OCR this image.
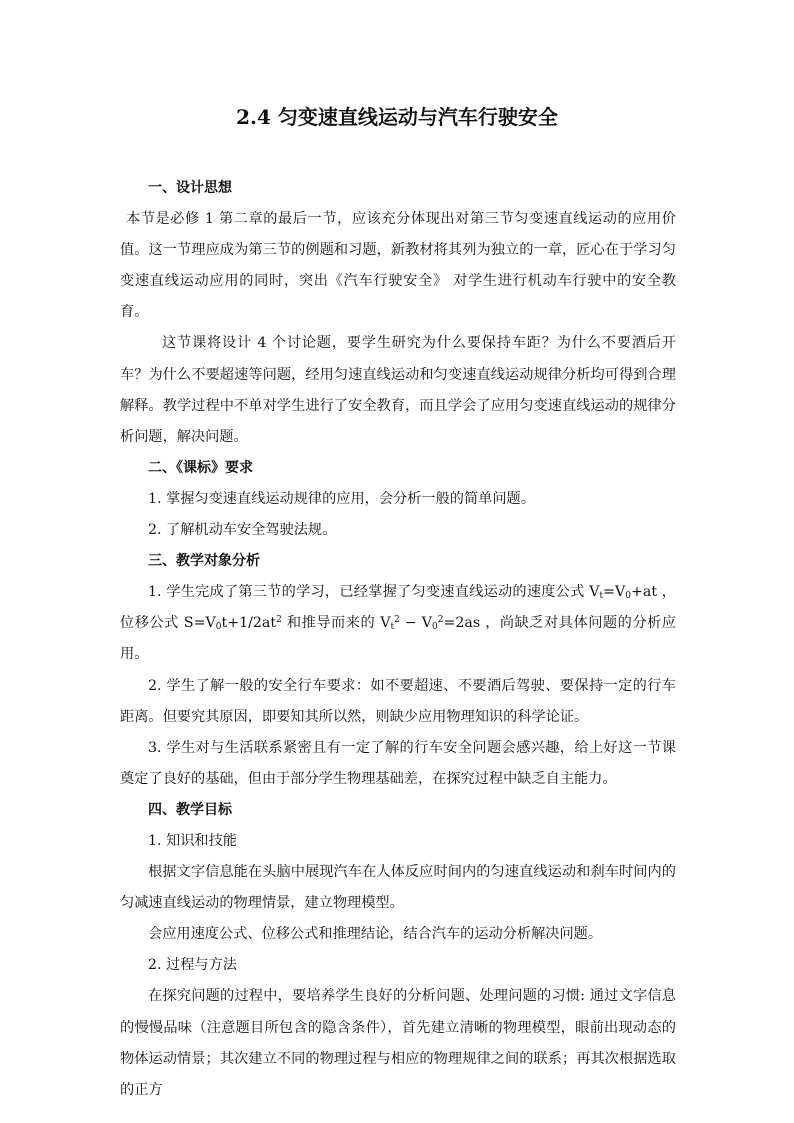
2.4 匀变速直线运动与汽车行驶安全

一、设计思想

本节是必修 1 第二章的最后一节，应该充分体现出对第三节匀变速直线运动的应用价值。这一节理应成为第三节的例题和习题，新教材将其列为独立的一章，匠心在于学习匀变速直线运动应用的同时，突出《汽车行驶安全》 对学生进行机动车行驶中的安全教育。

这节课将设计 4 个讨论题，要学生研究为什么要保持车距？为什么不要酒后开车？为什么不要超速等问题，经用匀速直线运动和匀变速直线运动规律分析均可得到合理解释。教学过程中不单对学生进行了安全教育，而且学会了应用匀变速直线运动的规律分析问题，解决问题。

二、《课标》要求

1. 掌握匀变速直线运动规律的应用，会分析一般的简单问题。

2. 了解机动车安全驾驶法规。

三、教学对象分析

1. 学生完成了第三节的学习，已经掌握了匀变速直线运动的速度公式 $V_t=V_0+at$ ，位移公式 $S=V_0t+1/2at^2$ 和推导而来的 $V_t^2 - V_0^2=2as$ ，尚缺乏对具体问题的分析应用。

2. 学生了解一般的安全行车要求：如不要超速、不要酒后驾驶、要保持一定的行车距离。但要究其原因，即要知其所以然，则缺少应用物理知识的科学论证。

3. 学生对与生活联系紧密且有一定了解的行车安全问题会感兴趣，给上好这一节课奠定了良好的基础，但由于部分学生物理基础差，在探究过程中缺乏自主能力。

四、教学目标

1. 知识和技能

根据文字信息能在头脑中展现汽车在人体反应时间内的匀速直线运动和刹车时间内的匀减速直线运动的物理情景，建立物理模型。

会应用速度公式、位移公式和推理结论，结合汽车的运动分析解决问题。

2. 过程与方法

在探究问题的过程中，要培养学生良好的分析问题、处理问题的习惯: 通过文字信息的慢慢品味（注意题目所包含的隐含条件），首先建立清晰的物理模型，眼前出现动态的物体运动情景；其次建立不同的物理过程与相应的物理规律之间的联系；再其次根据选取的正方
